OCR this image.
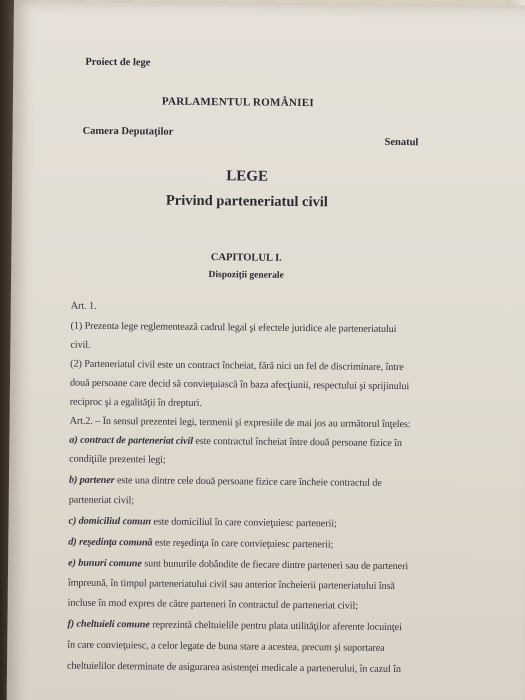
Proiect de lege
PARLAMENTUL ROMÂNIEI
Camera Deputaţilor
Senatul
LEGE
Privind parteneriatul civil
CAPITOLUL I.
Dispoziţii generale
Art. 1.
(1) Prezenta lege reglementează cadrul legal şi efectele juridice ale parteneriatului
civil.
(2) Parteneriatul civil este un contract încheiat, fără nici un fel de discriminare, între
două persoane care decid să convieţuiască în baza afecţiunii, respectului şi sprijinului
reciproc şi a egalităţii în drepturi.
Art.2. – În sensul prezentei legi, termenii şi expresiile de mai jos au următorul înţeles:
a) contract de parteneriat civil este contractul încheiat între două persoane fizice în
condiţiile prezentei legi;
b) partener este una dintre cele două persoane fizice care încheie contractul de
parteneriat civil;
c) domiciliul comun este domiciliul în care convieţuiesc partenerii;
d) reşedinţa comună este reşedinţa în care convieţuiesc partenerii;
e) bunuri comune sunt bunurile dobândite de fiecare dintre parteneri sau de parteneri
împreună, în timpul parteneriatului civil sau anterior încheierii parteneriatului însă
incluse în mod expres de către parteneri în contractul de parteneriat civil;
f) cheltuieli comune reprezintă cheltuielile pentru plata utilităţilor aferente locuinţei
în care convieţuiesc, a celor legate de buna stare a acestea, precum şi suportarea
cheltuielilor determinate de asigurarea asistenţei medicale a partenerului, în cazul în
